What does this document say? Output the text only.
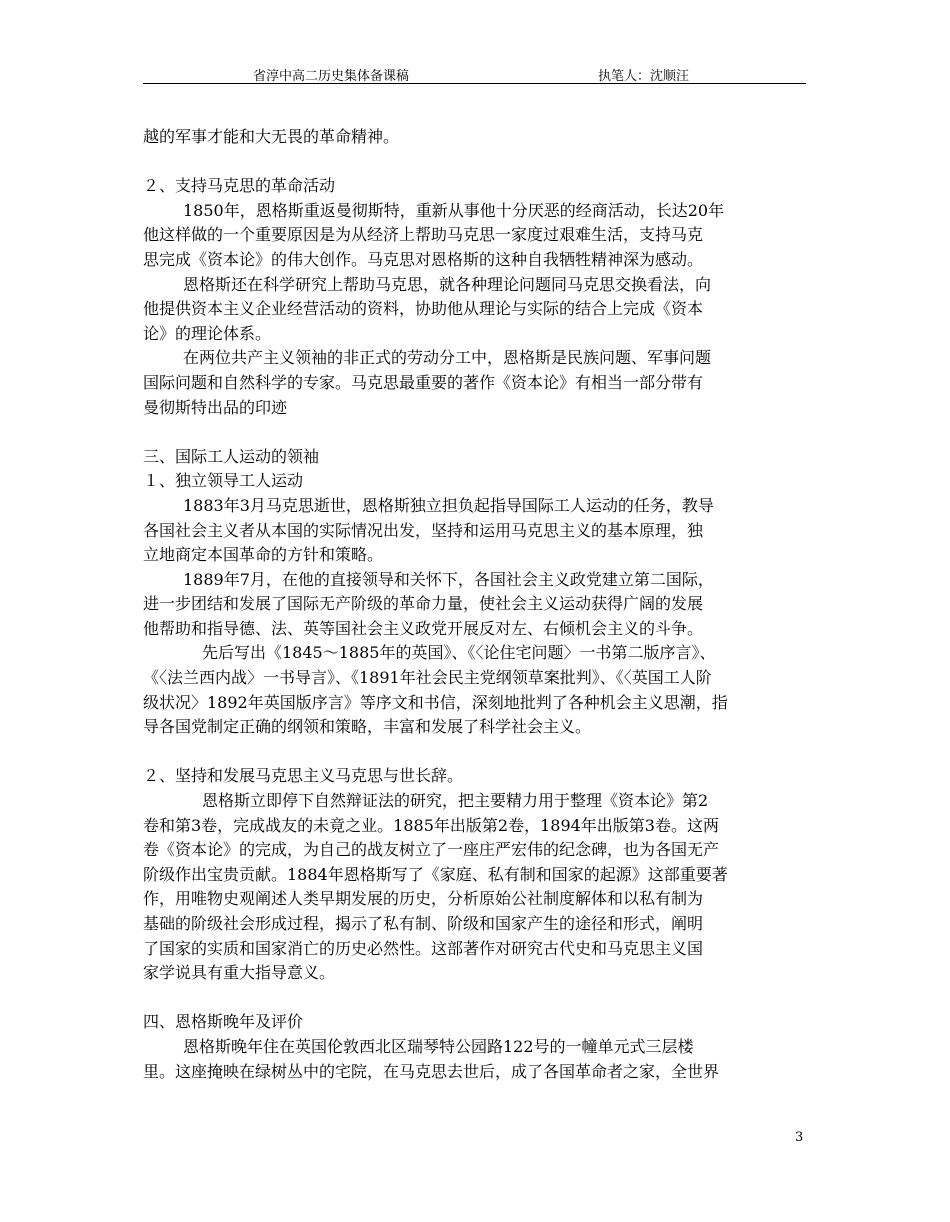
省淳中高二历史集体备课稿	执笔人：沈顺汪
越的军事才能和大无畏的革命精神。
２、支持马克思的革命活动
1850年，恩格斯重返曼彻斯特，重新从事他十分厌恶的经商活动，长达20年
他这样做的一个重要原因是为从经济上帮助马克思一家度过艰难生活，支持马克
思完成《资本论》的伟大创作。马克思对恩格斯的这种自我牺牲精神深为感动。
恩格斯还在科学研究上帮助马克思，就各种理论问题同马克思交换看法，向
他提供资本主义企业经营活动的资料，协助他从理论与实际的结合上完成《资本
论》的理论体系。
在两位共产主义领袖的非正式的劳动分工中，恩格斯是民族问题、军事问题
国际问题和自然科学的专家。马克思最重要的著作《资本论》有相当一部分带有
曼彻斯特出品的印迹
三、国际工人运动的领袖
１、独立领导工人运动
1883年3月马克思逝世，恩格斯独立担负起指导国际工人运动的任务，教导
各国社会主义者从本国的实际情况出发，坚持和运用马克思主义的基本原理，独
立地商定本国革命的方针和策略。
1889年7月，在他的直接领导和关怀下，各国社会主义政党建立第二国际，
进一步团结和发展了国际无产阶级的革命力量，使社会主义运动获得广阔的发展
他帮助和指导德、法、英等国社会主义政党开展反对左、右倾机会主义的斗争。
先后写出《1845～1885年的英国》、《〈论住宅问题〉一书第二版序言》、
《〈法兰西内战〉一书导言》、《1891年社会民主党纲领草案批判》、《〈英国工人阶
级状况〉1892年英国版序言》等序文和书信，深刻地批判了各种机会主义思潮，指
导各国党制定正确的纲领和策略，丰富和发展了科学社会主义。
２、坚持和发展马克思主义马克思与世长辞。
恩格斯立即停下自然辩证法的研究，把主要精力用于整理《资本论》第2
卷和第3卷，完成战友的未竟之业。1885年出版第2卷，1894年出版第3卷。这两
卷《资本论》的完成，为自己的战友树立了一座庄严宏伟的纪念碑，也为各国无产
阶级作出宝贵贡献。1884年恩格斯写了《家庭、私有制和国家的起源》这部重要著
作，用唯物史观阐述人类早期发展的历史，分析原始公社制度解体和以私有制为
基础的阶级社会形成过程，揭示了私有制、阶级和国家产生的途径和形式，阐明
了国家的实质和国家消亡的历史必然性。这部著作对研究古代史和马克思主义国
家学说具有重大指导意义。
四、恩格斯晚年及评价
恩格斯晚年住在英国伦敦西北区瑞琴特公园路122号的一幢单元式三层楼
里。这座掩映在绿树丛中的宅院，在马克思去世后，成了各国革命者之家，全世界
3
